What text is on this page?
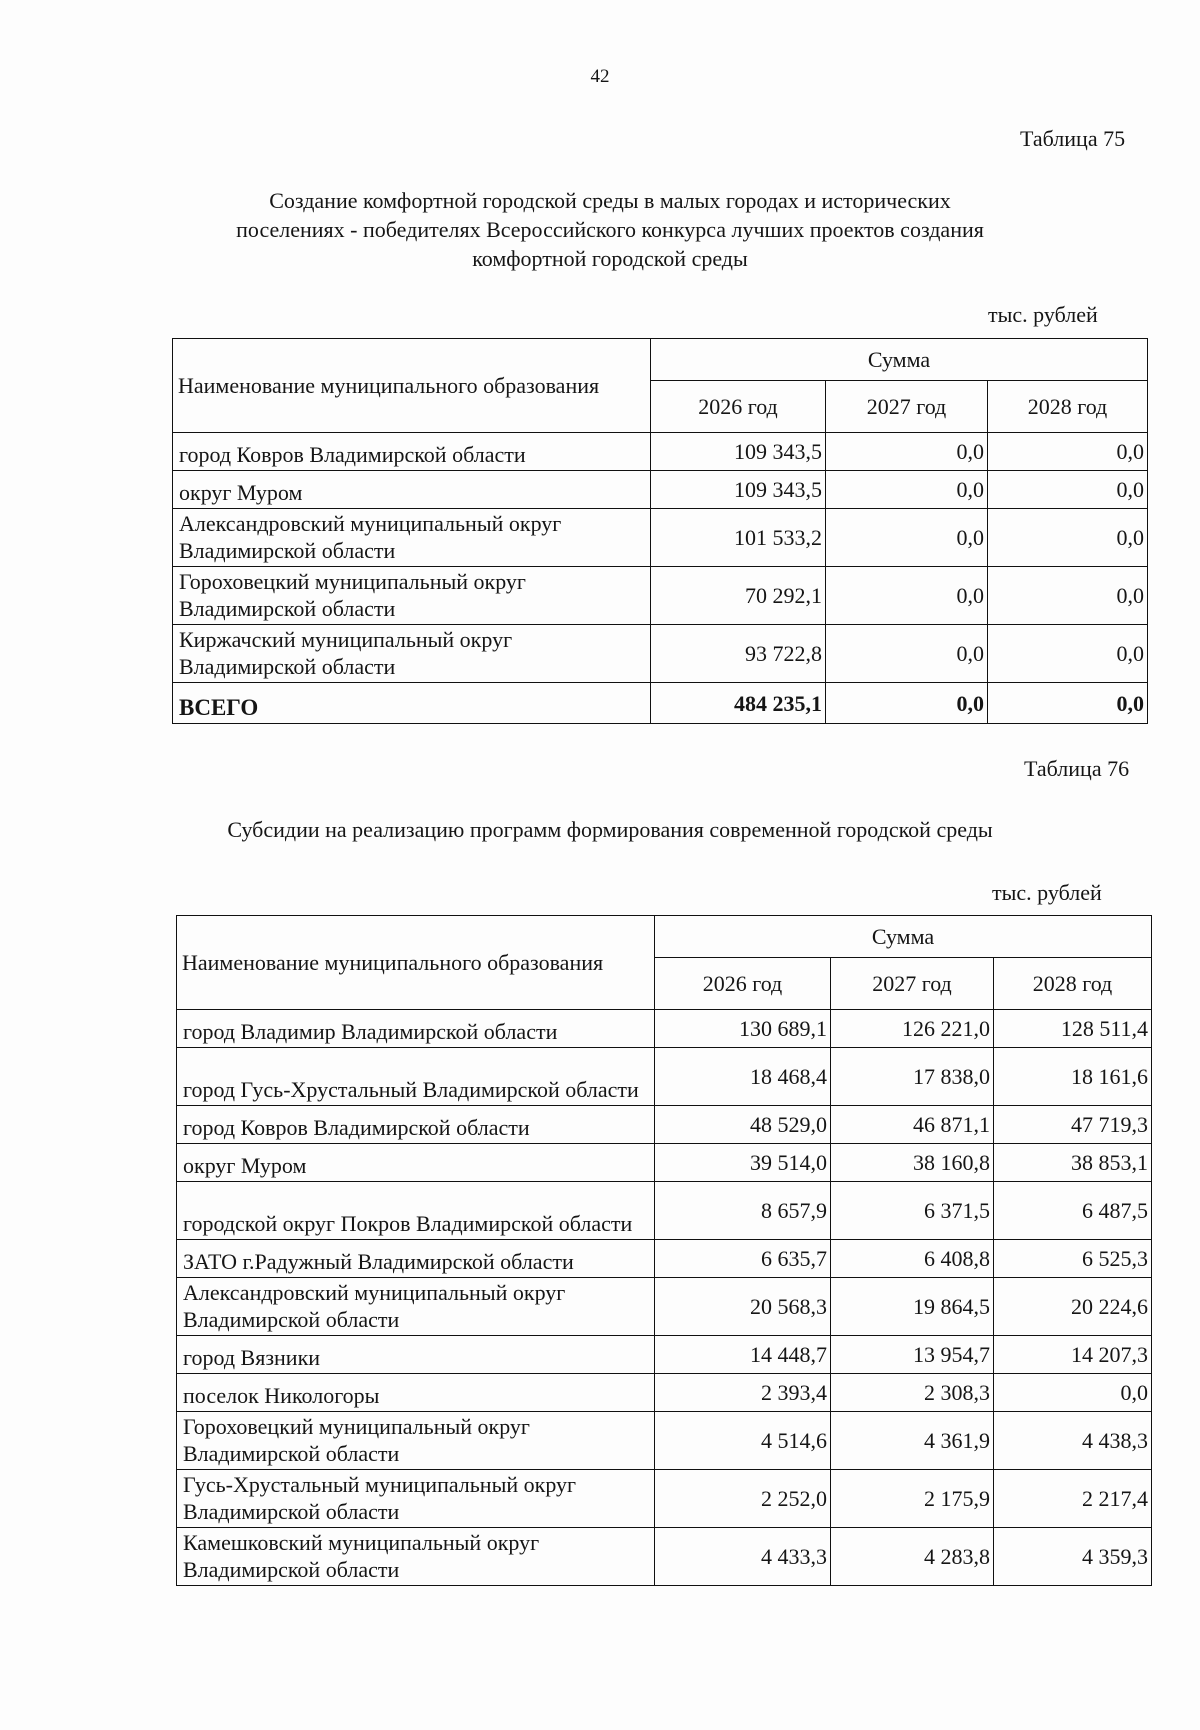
42
Таблица 75
Создание комфортной городской среды в малых городах и исторических
поселениях - победителях Всероссийского конкурса лучших проектов создания
комфортной городской среды
тыс. рублей
Наименование муниципального образования	Сумма		
	2026 год	2027 год	2028 год
город Ковров Владимирской области	109 343,5	0,0	0,0
округ Муром	109 343,5	0,0	0,0
Александровский муниципальный округ Владимирской области	101 533,2	0,0	0,0
Гороховецкий муниципальный округ Владимирской области	70 292,1	0,0	0,0
Киржачский муниципальный округ Владимирской области	93 722,8	0,0	0,0
ВСЕГО	484 235,1	0,0	0,0
Таблица 76
Субсидии на реализацию программ формирования современной городской среды
тыс. рублей
Наименование муниципального образования	Сумма		
	2026 год	2027 год	2028 год
город Владимир Владимирской области	130 689,1	126 221,0	128 511,4
город Гусь-Хрустальный Владимирской области	18 468,4	17 838,0	18 161,6
город Ковров Владимирской области	48 529,0	46 871,1	47 719,3
округ Муром	39 514,0	38 160,8	38 853,1
городской округ Покров Владимирской области	8 657,9	6 371,5	6 487,5
ЗАТО г.Радужный Владимирской области	6 635,7	6 408,8	6 525,3
Александровский муниципальный округ Владимирской области	20 568,3	19 864,5	20 224,6
город Вязники	14 448,7	13 954,7	14 207,3
поселок Никологоры	2 393,4	2 308,3	0,0
Гороховецкий муниципальный округ Владимирской области	4 514,6	4 361,9	4 438,3
Гусь-Хрустальный муниципальный округ Владимирской области	2 252,0	2 175,9	2 217,4
Камешковский муниципальный округ Владимирской области	4 433,3	4 283,8	4 359,3
